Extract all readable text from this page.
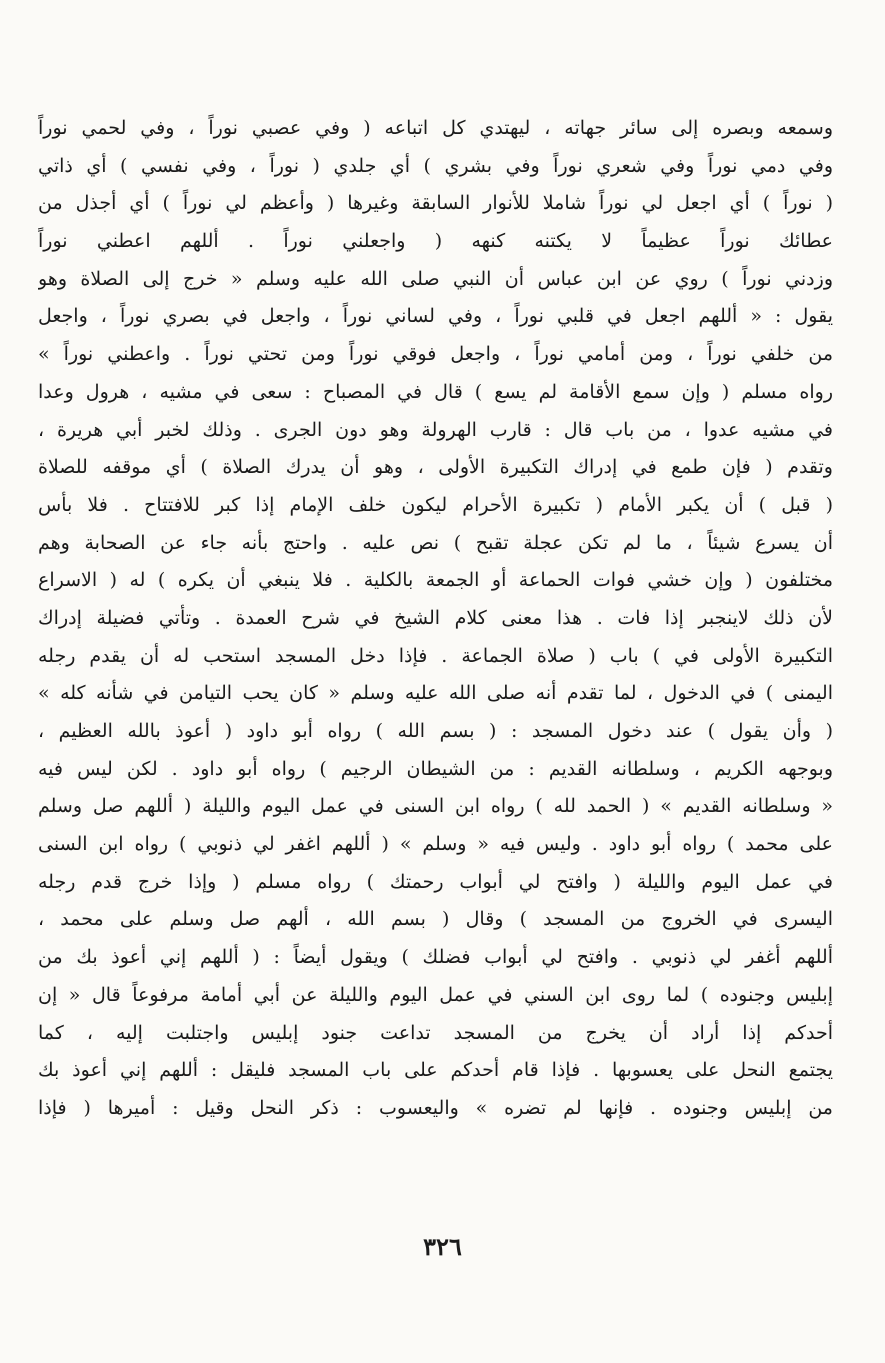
وسمعه وبصره إلى سائر جهاته ، ليهتدي كل اتباعه ( وفي عصبي نوراً ، وفي لحمي نوراً
وفي دمي نوراً وفي شعري نوراً وفي بشري ) أي جلدي ( نوراً ، وفي نفسي ) أي ذاتي
( نوراً ) أي اجعل لي نوراً شاملا للأنوار السابقة وغيرها ( وأعظم لي نوراً ) أي أجذل من
عطائك نوراً عظيماً لا يكتنه كنهه ( واجعلني نوراً . أللهم اعطني نوراً
وزدني نوراً ) روي عن ابن عباس أن النبي صلى الله عليه وسلم « خرج إلى الصلاة وهو
يقول : « أللهم اجعل في قلبي نوراً ، وفي لساني نوراً ، واجعل في بصري نوراً ، واجعل
من خلفي نوراً ، ومن أمامي نوراً ، واجعل فوقي نوراً ومن تحتي نوراً . واعطني نوراً »
رواه مسلم ( وإن سمع الأقامة لم يسع ) قال في المصباح : سعى في مشيه ، هرول وعدا
في مشيه عدوا ، من باب قال : قارب الهرولة وهو دون الجرى . وذلك لخبر أبي هريرة ،
وتقدم ( فإن طمع في إدراك التكبيرة الأولى ، وهو أن يدرك الصلاة ) أي موقفه للصلاة
( قبل ) أن يكبر الأمام ( تكبيرة الأحرام ليكون خلف الإمام إذا كبر للافتتاح . فلا بأس
أن يسرع شيئاً ، ما لم تكن عجلة تقبح ) نص عليه . واحتج بأنه جاء عن الصحابة وهم
مختلفون ( وإن خشي فوات الحماعة أو الجمعة بالكلية . فلا ينبغي أن يكره ) له ( الاسراع
لأن ذلك لاينجبر إذا فات . هذا معنى كلام الشيخ في شرح العمدة . وتأتي فضيلة إدراك
التكبيرة الأولى في ) باب ( صلاة الجماعة . فإذا دخل المسجد استحب له أن يقدم رجله
اليمنى ) في الدخول ، لما تقدم أنه صلى الله عليه وسلم « كان يحب التيامن في شأنه كله »
( وأن يقول ) عند دخول المسجد : ( بسم الله ) رواه أبو داود ( أعوذ بالله العظيم ،
وبوجهه الكريم ، وسلطانه القديم : من الشيطان الرجيم ) رواه أبو داود . لكن ليس فيه
« وسلطانه القديم » ( الحمد لله ) رواه ابن السنى في عمل اليوم والليلة ( أللهم صل وسلم
على محمد ) رواه أبو داود . وليس فيه « وسلم » ( أللهم اغفر لي ذنوبي ) رواه ابن السنى
في عمل اليوم والليلة ( وافتح لي أبواب رحمتك ) رواه مسلم ( وإذا خرج قدم رجله
اليسرى في الخروج من المسجد ) وقال ( بسم الله ، ألهم صل وسلم على محمد ،
أللهم أغفر لي ذنوبي . وافتح لي أبواب فضلك ) ويقول أيضاً : ( أللهم إني أعوذ بك من
إبليس وجنوده ) لما روى ابن السني في عمل اليوم والليلة عن أبي أمامة مرفوعاً قال « إن
أحدكم إذا أراد أن يخرج من المسجد تداعت جنود إبليس واجتلبت إليه ، كما
يجتمع النحل على يعسوبها . فإذا قام أحدكم على باب المسجد فليقل : أللهم إني أعوذ بك
من إبليس وجنوده . فإنها لم تضره » واليعسوب : ذكر النحل وقيل : أميرها ( فإذا
٣٢٦
